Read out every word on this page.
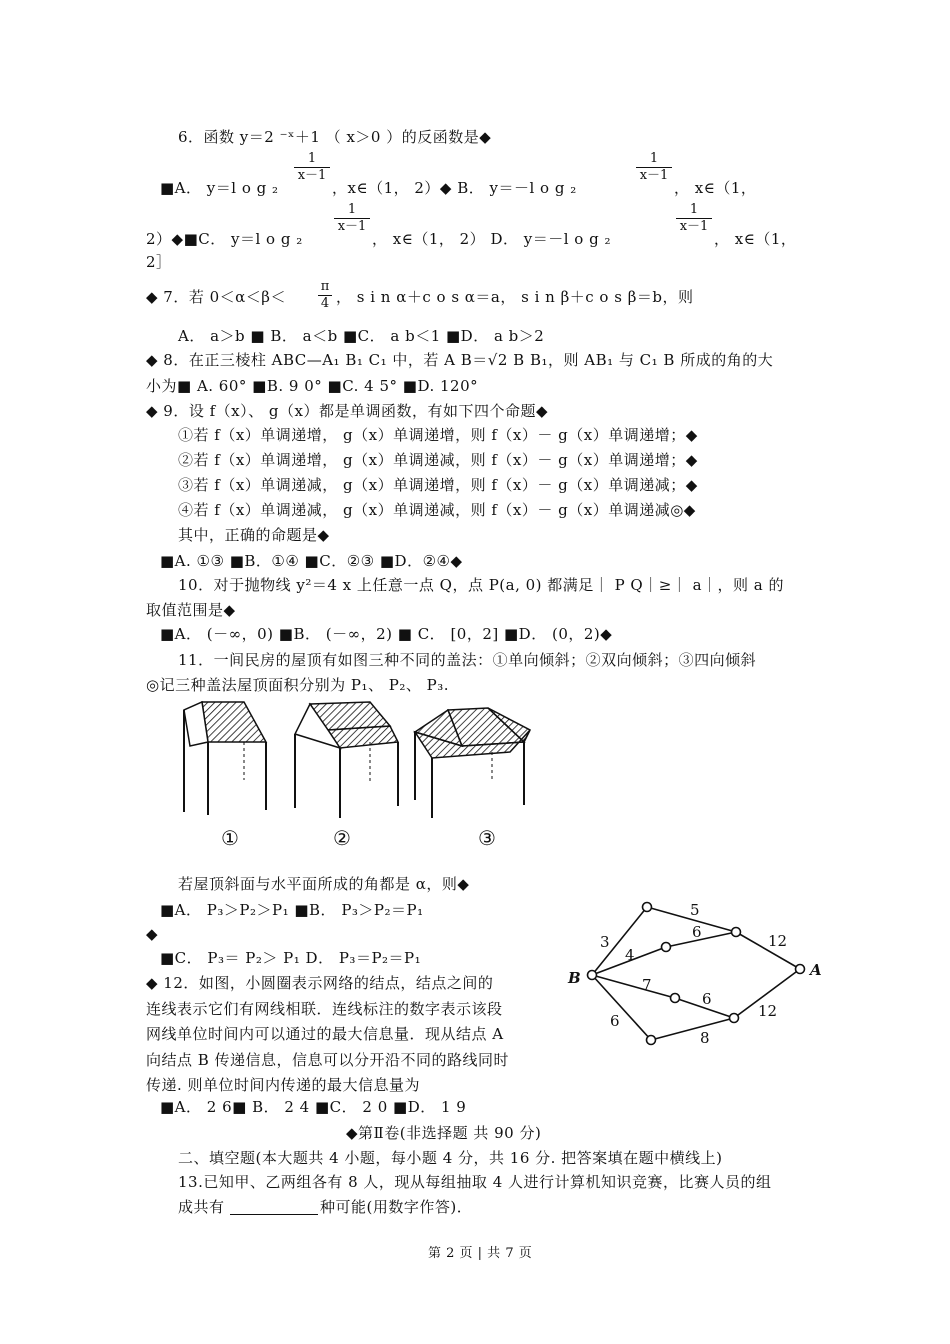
6．函数 y＝2 ⁻ˣ＋1 （ x＞0 ）的反函数是◆
■A． y＝l o g ₂
1
x－1
，x∈（1， 2）◆ B． y＝－l o g ₂
1
x－1
， x∈（1，
2）◆■C． y＝l o g ₂
1
x－1
， x∈（1， 2） D． y＝－l o g ₂
1
x－1
， x∈（1，
2］
◆ 7．若 0＜α＜β＜
π
4 ， s i n α＋c o s α＝a， s i n β＋c o s β＝b，则
A． a＞b ■ B． a＜b ■C． a b＜1 ■D． a b＞2
◆ 8．在正三棱柱 ABC—A₁ B₁ C₁ 中，若 A B＝√2 B B₁，则 AB₁ 与 C₁ B 所成的角的大
小为■ A. 60° ■B. 9 0° ■C. 4 5° ■D. 120°
◆ 9．设 f（x）、 g（x）都是单调函数，有如下四个命题◆
①若 f（x）单调递增， g（x）单调递增，则 f（x）－ g（x）单调递增；◆
②若 f（x）单调递增， g（x）单调递减，则 f（x）－ g（x）单调递增；◆
③若 f（x）单调递减， g（x）单调递增，则 f（x）－ g（x）单调递减；◆
④若 f（x）单调递减， g（x）单调递减，则 f（x）－ g（x）单调递减◎◆
其中，正确的命题是◆
■A. ①③ ■B．①④ ■C．②③ ■D．②④◆
10．对于抛物线 y²＝4 x 上任意一点 Q，点 P(a, 0) 都满足｜ P Q｜≥｜ a｜，则 a 的
取值范围是◆
■A． (－∞，0) ■B． (－∞，2) ■ C． [0，2] ■D． (0，2)◆
11．一间民房的屋顶有如图三种不同的盖法：①单向倾斜；②双向倾斜；③四向倾斜
◎记三种盖法屋顶面积分别为 P₁、 P₂、 P₃.
①	②	③
若屋顶斜面与水平面所成的角都是 α，则◆
■A． P₃＞P₂＞P₁ ■B． P₃＞P₂＝P₁
◆
■C． P₃＝ P₂＞ P₁ D． P₃＝P₂＝P₁
◆ 12．如图，小圆圈表示网络的结点，结点之间的
连线表示它们有网线相联．连线标注的数字表示该段
网线单位时间内可以通过的最大信息量．现从结点 A
向结点 B 传递信息，信息可以分开沿不同的路线同时
传递. 则单位时间内传递的最大信息量为
■A． 2 6■ B． 2 4 ■C． 2 0 ■D． 1 9
B	A
3
5
4
6	12
7
6
12
6
8
◆第Ⅱ卷(非选择题 共 90 分)
二、填空题(本大题共 4 小题，每小题 4 分，共 16 分. 把答案填在题中横线上)
13.已知甲、乙两组各有 8 人，现从每组抽取 4 人进行计算机知识竞赛，比赛人员的组
成共有	种可能(用数字作答)．
第 2 页 | 共 7 页
